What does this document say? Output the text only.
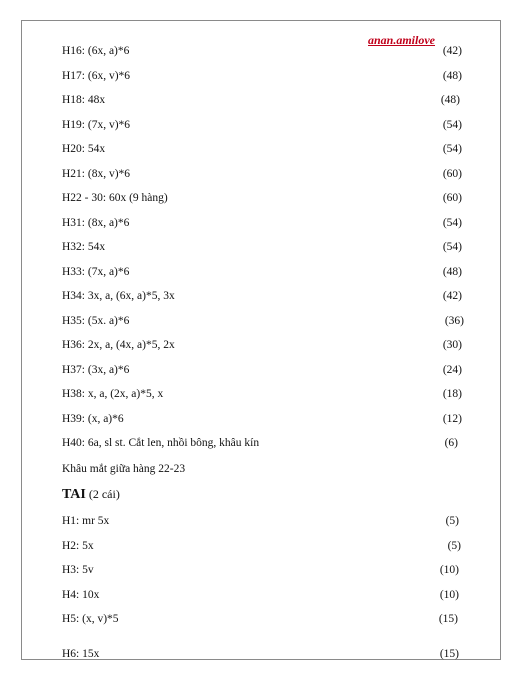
anan.amilove
H16: (6x, a)*6	(42)
H17: (6x, v)*6	(48)
H18: 48x	(48)
H19: (7x, v)*6	(54)
H20: 54x	(54)
H21: (8x, v)*6	(60)
H22 - 30: 60x (9 hàng)	(60)
H31: (8x, a)*6	(54)
H32: 54x	(54)
H33: (7x, a)*6	(48)
H34: 3x, a, (6x, a)*5, 3x	(42)
H35: (5x. a)*6	(36)
H36: 2x, a, (4x, a)*5, 2x	(30)
H37: (3x, a)*6	(24)
H38: x, a, (2x, a)*5, x	(18)
H39: (x, a)*6	(12)
H40: 6a, sl st. Cắt len, nhồi bông, khâu kín	(6)
H1: mr 5x	(5)
H2: 5x	(5)
H3: 5v	(10)
H4: 10x	(10)
H5: (x, v)*5	(15)
H6: 15x	(15)
Khâu mắt giữa hàng 22-23
TAI (2 cái)
